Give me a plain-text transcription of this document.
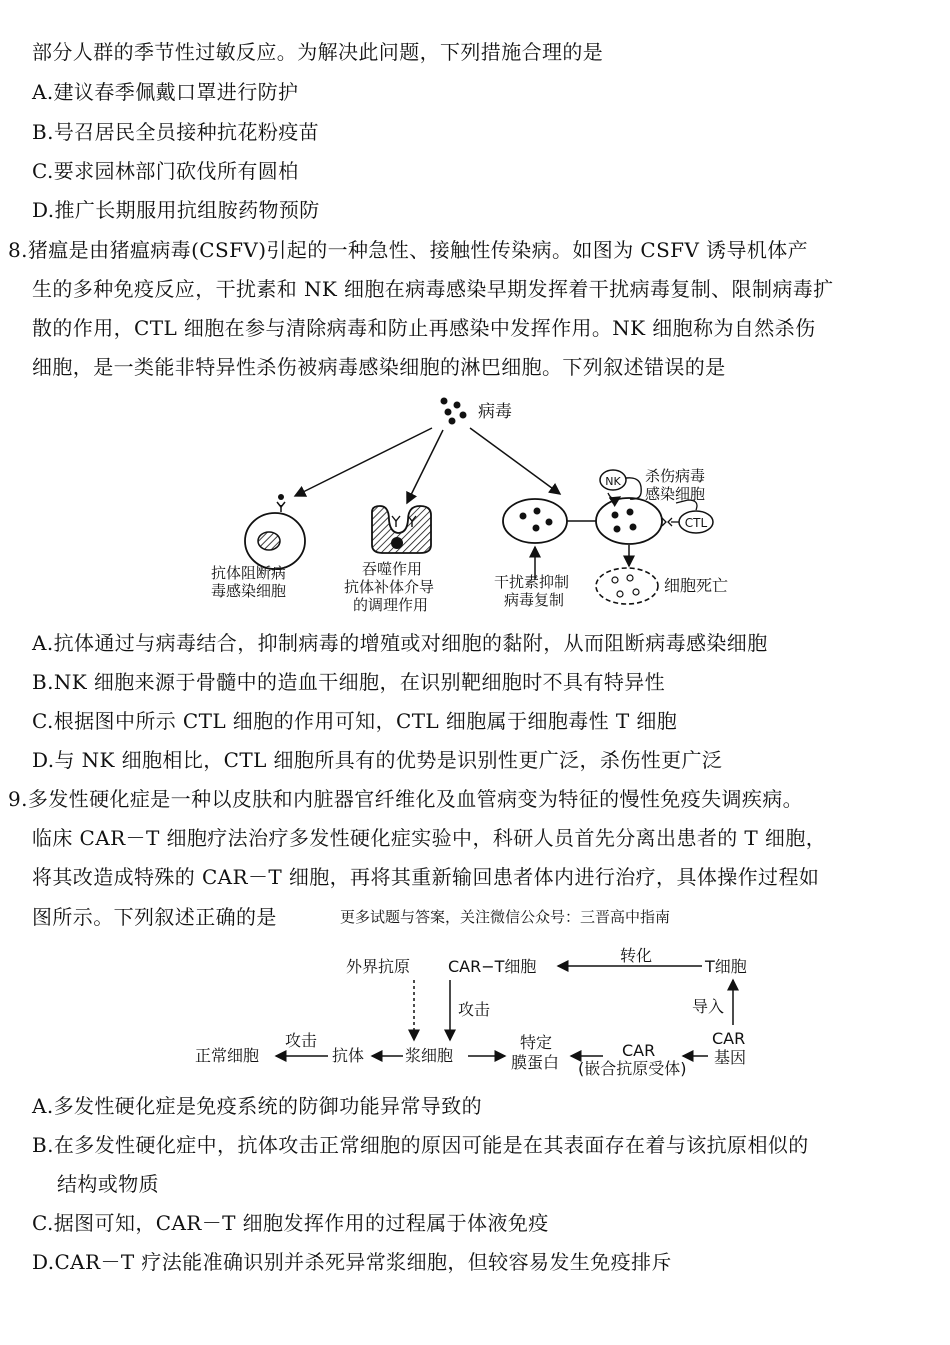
部分人群的季节性过敏反应。为解决此问题，下列措施合理的是
A.建议春季佩戴口罩进行防护
B.号召居民全员接种抗花粉疫苗
C.要求园林部门砍伐所有圆柏
D.推广长期服用抗组胺药物预防
8.猪瘟是由猪瘟病毒(CSFV)引起的一种急性、接触性传染病。如图为 CSFV 诱导机体产
生的多种免疫反应，干扰素和 NK 细胞在病毒感染早期发挥着干扰病毒复制、限制病毒扩
散的作用，CTL 细胞在参与清除病毒和防止再感染中发挥作用。NK 细胞称为自然杀伤
细胞，是一类能非特异性杀伤被病毒感染细胞的淋巴细胞。下列叙述错误的是
病毒
抗体阻断病
毒感染细胞
吞噬作用
抗体补体介导
的调理作用
干扰素抑制
病毒复制
NK 杀伤病毒
感染细胞
CTL
细胞死亡
A.抗体通过与病毒结合，抑制病毒的增殖或对细胞的黏附，从而阻断病毒感染细胞
B.NK 细胞来源于骨髓中的造血干细胞，在识别靶细胞时不具有特异性
C.根据图中所示 CTL 细胞的作用可知，CTL 细胞属于细胞毒性 T 细胞
D.与 NK 细胞相比，CTL 细胞所具有的优势是识别性更广泛，杀伤性更广泛
9.多发性硬化症是一种以皮肤和内脏器官纤维化及血管病变为特征的慢性免疫失调疾病。
临床 CAR－T 细胞疗法治疗多发性硬化症实验中，科研人员首先分离出患者的 T 细胞，
将其改造成特殊的 CAR－T 细胞，再将其重新输回患者体内进行治疗，具体操作过程如
图所示。下列叙述正确的是	更多试题与答案，关注微信公众号：三晋高中指南
外界抗原 CAR−T细胞
转化
T细胞
攻击	导入
正常细胞
攻击
抗体	浆细胞
特定
膜蛋白
CAR
(嵌合抗原受体)
CAR
基因
A.多发性硬化症是免疫系统的防御功能异常导致的
B.在多发性硬化症中，抗体攻击正常细胞的原因可能是在其表面存在着与该抗原相似的
结构或物质
C.据图可知，CAR－T 细胞发挥作用的过程属于体液免疫
D.CAR－T 疗法能准确识别并杀死异常浆细胞，但较容易发生免疫排斥
